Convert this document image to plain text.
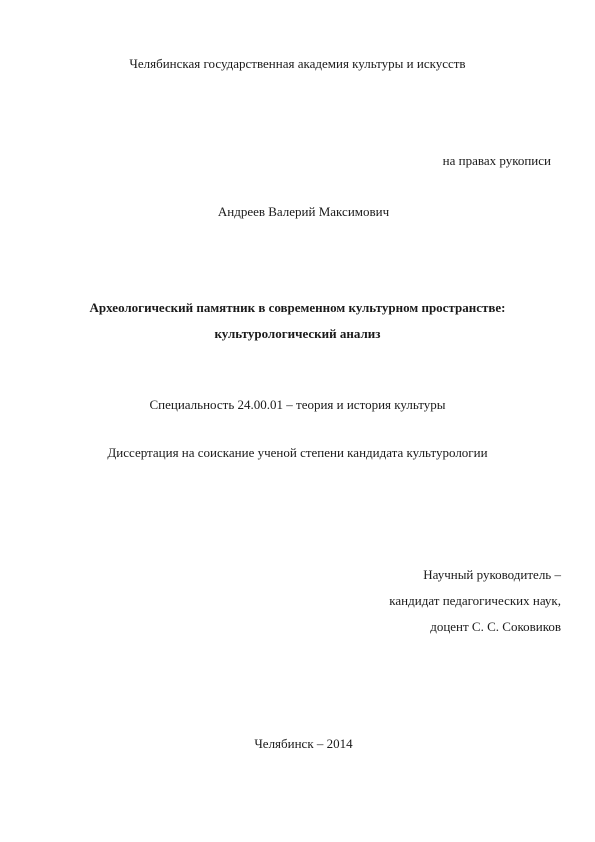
Челябинская государственная академия культуры и искусств
на правах рукописи
Андреев Валерий Максимович
Археологический памятник в современном культурном пространстве:
культурологический анализ
Специальность 24.00.01 – теория и история культуры
Диссертация на соискание ученой степени кандидата культурологии
Научный руководитель –
кандидат педагогических наук,
доцент С. С. Соковиков
Челябинск – 2014
